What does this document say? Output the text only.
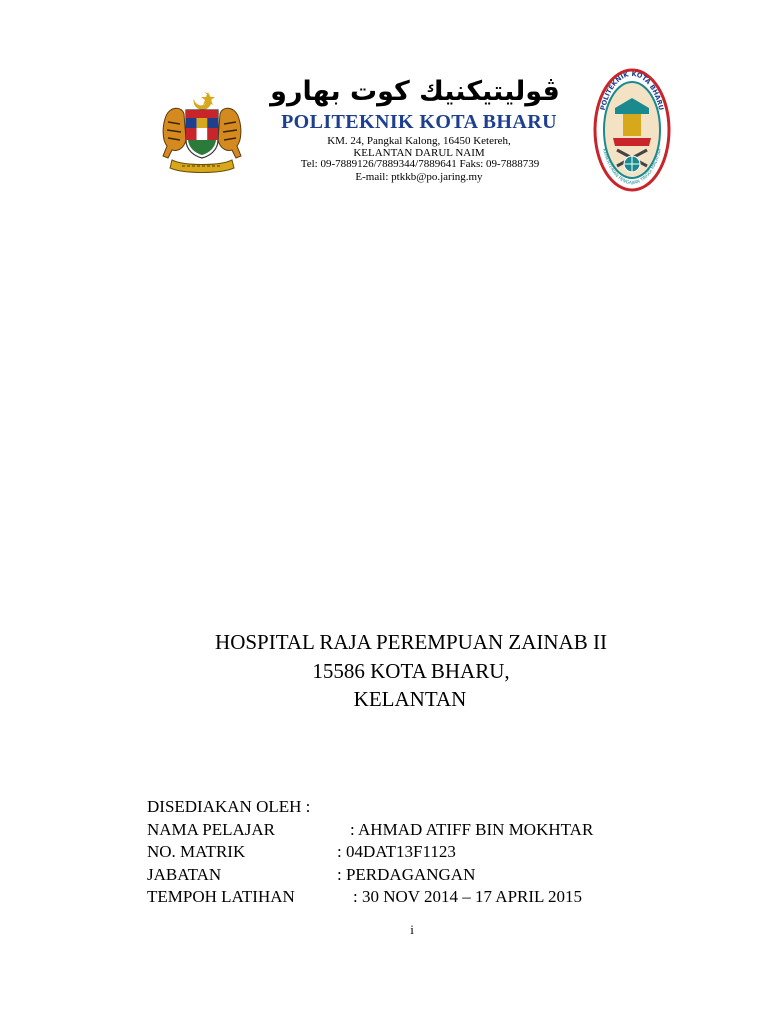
ڤوليتيكنيك كوت بهارو
POLITEKNIK KOTA BHARU
KM. 24, Pangkal Kalong, 16450 Ketereh,
KELANTAN DARUL NAIM
Tel: 09-7889126/7889344/7889641 Faks: 09-7888739
E-mail: ptkkb@po.jaring.my
POLITEKNIK KOTA BHARU
KEMENTERIAN PENGAJIAN TINGGI MALAYSIA
HOSPITAL RAJA PEREMPUAN ZAINAB II
15586 KOTA BHARU,
KELANTAN
DISEDIAKAN OLEH :
NAMA PELAJAR	: AHMAD ATIFF BIN MOKHTAR
NO. MATRIK	: 04DAT13F1123
JABATAN	: PERDAGANGAN
TEMPOH LATIHAN	: 30 NOV 2014 – 17 APRIL 2015
i
